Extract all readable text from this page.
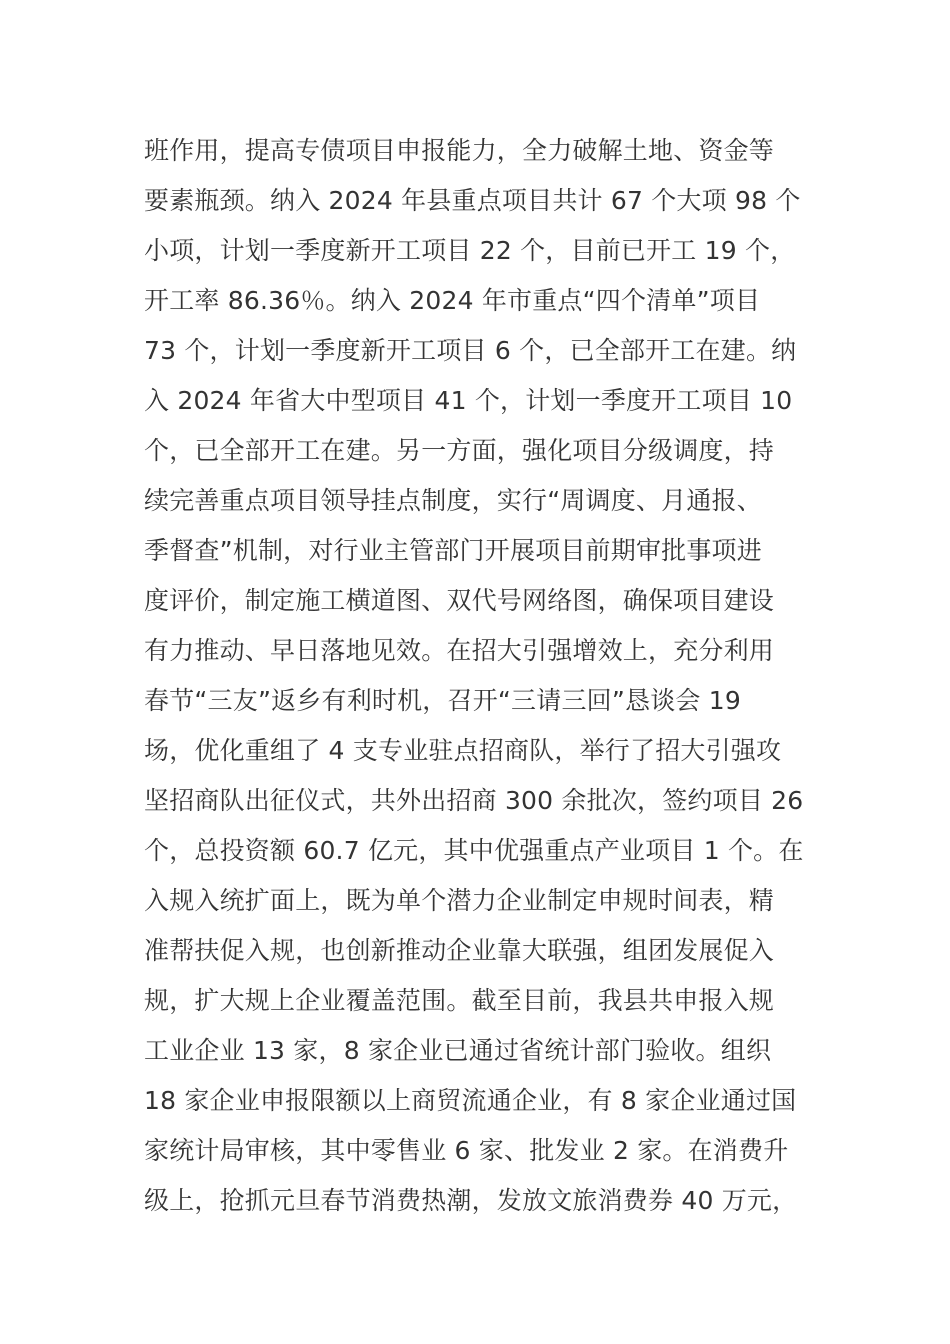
班作用，提高专债项目申报能力，全力破解土地、资金等
要素瓶颈。纳入 2024 年县重点项目共计 67 个大项 98 个
小项，计划一季度新开工项目 22 个，目前已开工 19 个，
开工率 86.36％。纳入 2024 年市重点“四个清单”项目
73 个，计划一季度新开工项目 6 个，已全部开工在建。纳
入 2024 年省大中型项目 41 个，计划一季度开工项目 10
个，已全部开工在建。另一方面，强化项目分级调度，持
续完善重点项目领导挂点制度，实行“周调度、月通报、
季督查”机制，对行业主管部门开展项目前期审批事项进
度评价，制定施工横道图、双代号网络图，确保项目建设
有力推动、早日落地见效。在招大引强增效上，充分利用
春节“三友”返乡有利时机，召开“三请三回”恳谈会 19
场，优化重组了 4 支专业驻点招商队，举行了招大引强攻
坚招商队出征仪式，共外出招商 300 余批次，签约项目 26
个，总投资额 60.7 亿元，其中优强重点产业项目 1 个。在
入规入统扩面上，既为单个潜力企业制定申规时间表，精
准帮扶促入规，也创新推动企业靠大联强，组团发展促入
规，扩大规上企业覆盖范围。截至目前，我县共申报入规
工业企业 13 家，8 家企业已通过省统计部门验收。组织
18 家企业申报限额以上商贸流通企业，有 8 家企业通过国
家统计局审核，其中零售业 6 家、批发业 2 家。在消费升
级上，抢抓元旦春节消费热潮，发放文旅消费券 40 万元，
